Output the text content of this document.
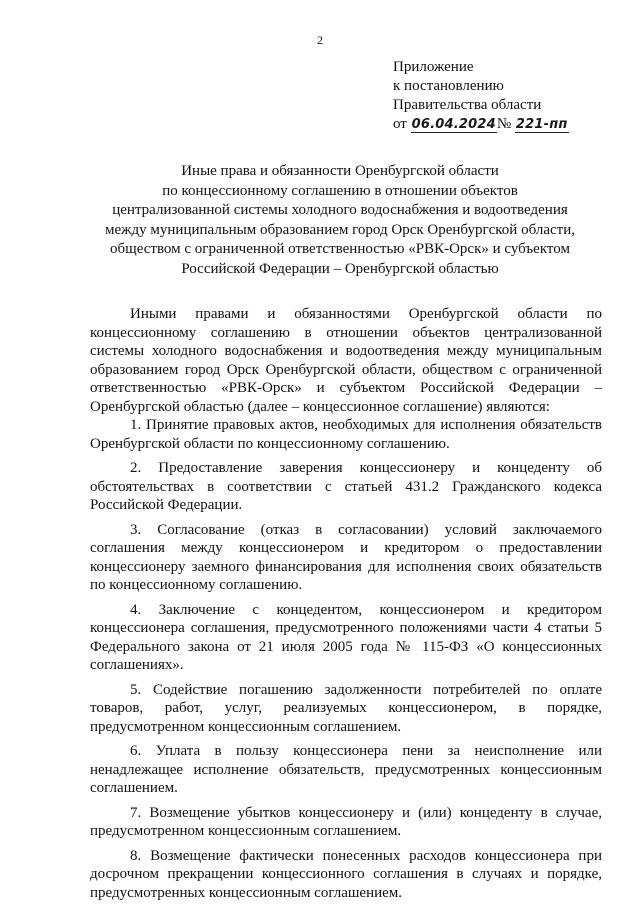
2
Приложение
к постановлению
Правительства области
от 06.04.2024№ 221-пп
Иные права и обязанности Оренбургской области
по концессионному соглашению в отношении объектов
централизованной системы холодного водоснабжения и водоотведения
между муниципальным образованием город Орск Оренбургской области,
обществом с ограниченной ответственностью «РВК-Орск» и субъектом
Российской Федерации – Оренбургской областью

Иными правами и обязанностями Оренбургской области по концессионному соглашению в отношении объектов централизованной системы холодного водоснабжения и водоотведения между муниципальным образованием город Орск Оренбургской области, обществом с ограниченной ответственностью «РВК-Орск» и субъектом Российской Федерации – Оренбургской областью (далее – концессионное соглашение) являются:

1. Принятие правовых актов, необходимых для исполнения обязательств Оренбургской области по концессионному соглашению.

2. Предоставление заверения концессионеру и концеденту об обстоятельствах в соответствии с статьей 431.2 Гражданского кодекса Российской Федерации.

3. Согласование (отказ в согласовании) условий заключаемого соглашения между концессионером и кредитором о предоставлении концессионеру заемного финансирования для исполнения своих обязательств по концессионному соглашению.

4. Заключение с концедентом, концессионером и кредитором концессионера соглашения, предусмотренного положениями части 4 статьи 5 Федерального закона от 21 июля 2005 года № 115-ФЗ «О концессионных соглашениях».

5. Содействие погашению задолженности потребителей по оплате товаров, работ, услуг, реализуемых концессионером, в порядке, предусмотренном концессионным соглашением.

6. Уплата в пользу концессионера пени за неисполнение или ненадлежащее исполнение обязательств, предусмотренных концессионным соглашением.

7. Возмещение убытков концессионеру и (или) концеденту в случае, предусмотренном концессионным соглашением.

8. Возмещение фактически понесенных расходов концессионера при досрочном прекращении концессионного соглашения в случаях и порядке, предусмотренных концессионным соглашением.
